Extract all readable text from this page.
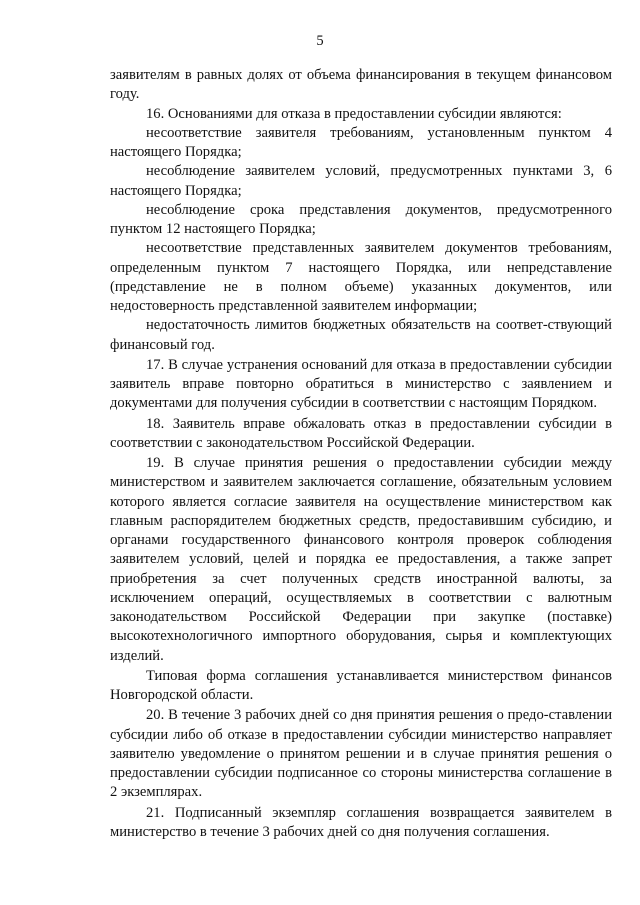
5

заявителям в равных долях от объема финансирования в текущем финансовом году.

16. Основаниями для отказа в предоставлении субсидии являются:

несоответствие заявителя требованиям, установленным пунктом 4 настоящего Порядка;

несоблюдение заявителем условий, предусмотренных пунктами 3, 6 настоящего Порядка;

несоблюдение срока представления документов, предусмотренного пунктом 12 настоящего Порядка;

несоответствие представленных заявителем документов требованиям, определенным пунктом 7 настоящего Порядка, или непредставление (представление не в полном объеме) указанных документов, или недостоверность представленной заявителем информации;

недостаточность лимитов бюджетных обязательств на соответ-ствующий финансовый год.

17. В случае устранения оснований для отказа в предоставлении субсидии заявитель вправе повторно обратиться в министерство с заявлением и документами для получения субсидии в соответствии с настоящим Порядком.

18. Заявитель вправе обжаловать отказ в предоставлении субсидии в соответствии с законодательством Российской Федерации.

19. В случае принятия решения о предоставлении субсидии между министерством и заявителем заключается соглашение, обязательным условием которого является согласие заявителя на осуществление министерством как главным распорядителем бюджетных средств, предоставившим субсидию, и органами государственного финансового контроля проверок соблюдения заявителем условий, целей и порядка ее предоставления, а также запрет приобретения за счет полученных средств иностранной валюты, за исключением операций, осуществляемых в соответствии с валютным законодательством Российской Федерации при закупке (поставке) высокотехнологичного импортного оборудования, сырья и комплектующих изделий.

Типовая форма соглашения устанавливается министерством финансов Новгородской области.

20. В течение 3 рабочих дней со дня принятия решения о предо-ставлении субсидии либо об отказе в предоставлении субсидии министерство направляет заявителю уведомление о принятом решении и в случае принятия решения о предоставлении субсидии подписанное со стороны министерства соглашение в 2 экземплярах.

21. Подписанный экземпляр соглашения возвращается заявителем в министерство в течение 3 рабочих дней со дня получения соглашения.
